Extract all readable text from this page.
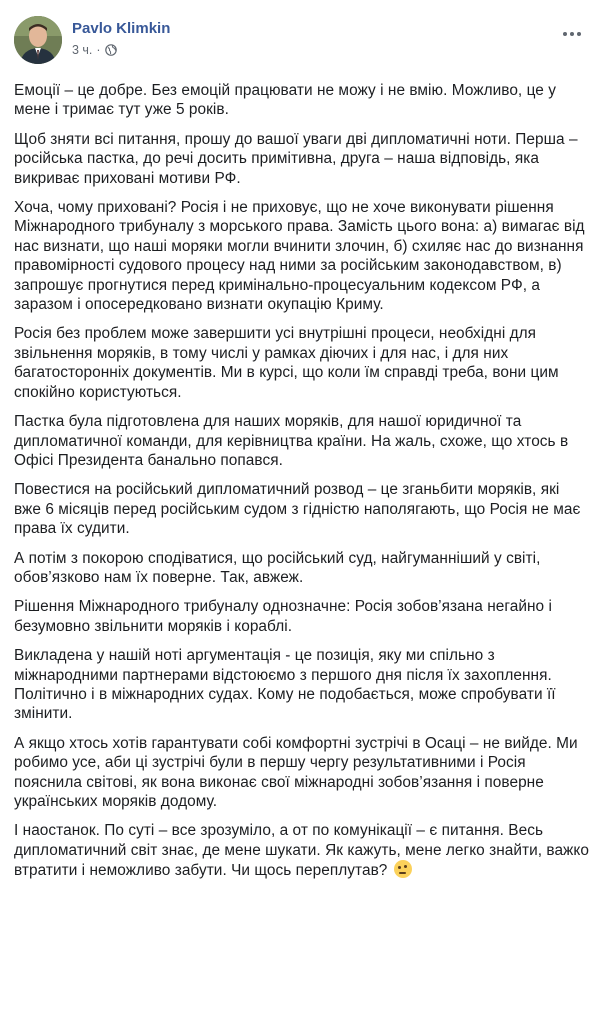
Pavlo Klimkin
3 ч. ·

Емоції – це добре. Без емоцій працювати не можу і не вмію. Можливо, це у мене і тримає тут уже 5 років.

Щоб зняти всі питання, прошу до вашої уваги дві дипломатичні ноти. Перша – російська пастка, до речі досить примітивна, друга – наша відповідь, яка викриває приховані мотиви РФ.

Хоча, чому приховані? Росія і не приховує, що не хоче виконувати рішення Міжнародного трибуналу з морського права. Замість цього вона: а) вимагає від нас визнати, що наші моряки могли вчинити злочин, б) схиляє нас до визнання правомірності судового процесу над ними за російським законодавством, в) запрошує прогнутися перед кримінально-процесуальним кодексом РФ, а заразом і опосередковано визнати окупацію Криму.

Росія без проблем може завершити усі внутрішні процеси, необхідні для звільнення моряків, в тому числі у рамках діючих і для нас, і для них багатосторонніх документів. Ми в курсі, що коли їм справді треба, вони цим спокійно користуються.

Пастка була підготовлена для наших моряків, для нашої юридичної та дипломатичної команди, для керівництва країни. На жаль, схоже, що хтось в Офісі Президента банально попався.

Повестися на російський дипломатичний розвод – це зганьбити моряків, які вже 6 місяців перед російським судом з гідністю наполягають, що Росія не має права їх судити.

А потім з покорою сподіватися, що російський суд, найгуманніший у світі, обов’язково нам їх поверне. Так, авжеж.

Рішення Міжнародного трибуналу однозначне: Росія зобов’язана негайно і безумовно звільнити моряків і кораблі.

Викладена у нашій ноті аргументація - це позиція, яку ми спільно з міжнародними партнерами відстоюємо з першого дня після їх захоплення. Політично і в міжнародних судах. Кому не подобається, може спробувати її змінити.

А якщо хтось хотів гарантувати собі комфортні зустрічі в Осаці – не вийде. Ми робимо усе, аби ці зустрічі були в першу чергу результативними і Росія пояснила світові, як вона виконає свої міжнародні зобов’язання і поверне українських моряків додому.

І наостанок. По суті – все зрозуміло, а от по комунікації – є питання. Весь дипломатичний світ знає, де мене шукати. Як кажуть, мене легко знайти, важко втратити і неможливо забути. Чи щось переплутав?
